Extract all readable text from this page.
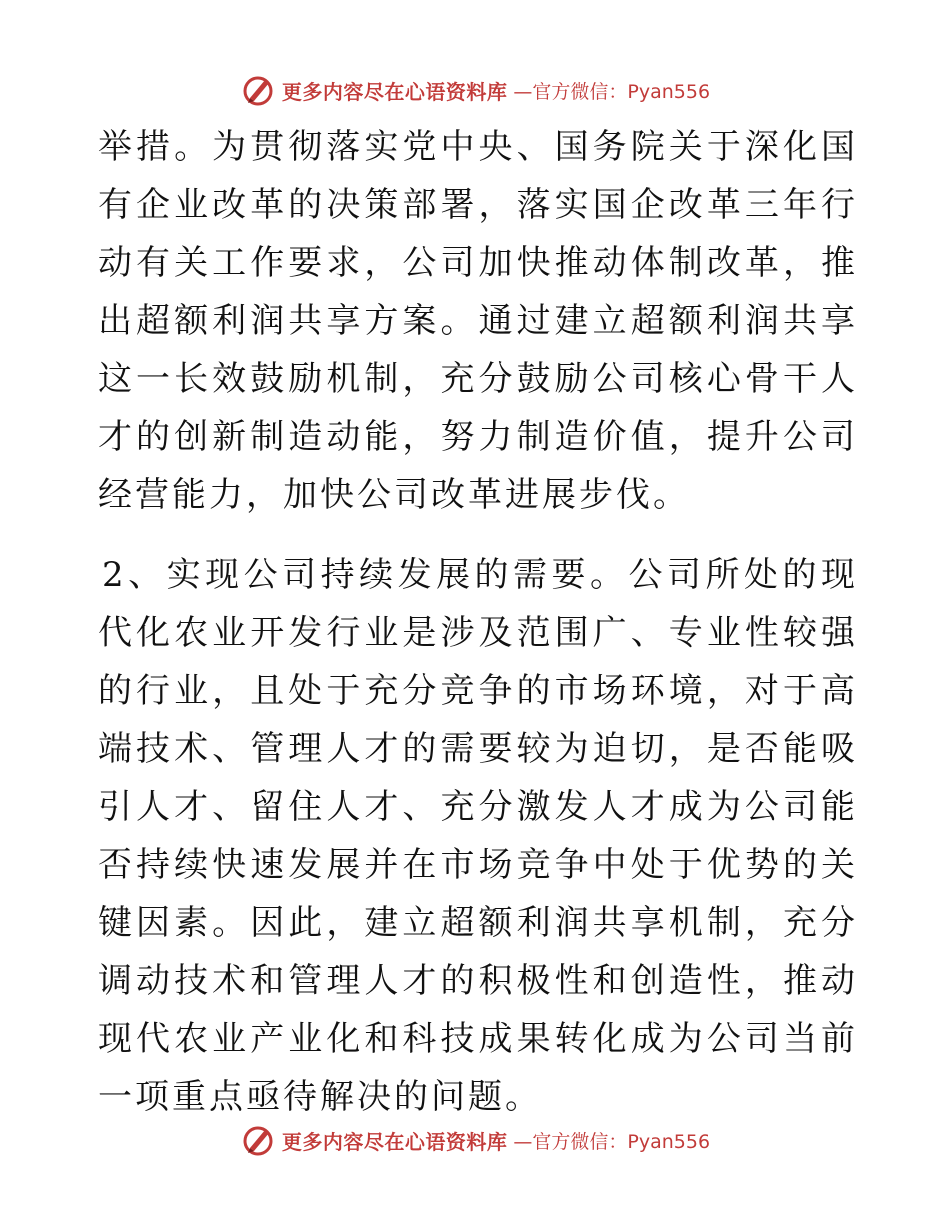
更多内容尽在心语资料库 —官方微信：Pyan556

举措。为贯彻落实党中央、国务院关于深化国有企业改革的决策部署，落实国企改革三年行动有关工作要求，公司加快推动体制改革，推出超额利润共享方案。通过建立超额利润共享这一长效鼓励机制，充分鼓励公司核心骨干人才的创新制造动能，努力制造价值，提升公司经营能力，加快公司改革进展步伐。

2、实现公司持续发展的需要。公司所处的现代化农业开发行业是涉及范围广、专业性较强的行业，且处于充分竞争的市场环境，对于高端技术、管理人才的需要较为迫切，是否能吸引人才、留住人才、充分激发人才成为公司能否持续快速发展并在市场竞争中处于优势的关键因素。因此，建立超额利润共享机制，充分调动技术和管理人才的积极性和创造性，推动现代农业产业化和科技成果转化成为公司当前一项重点亟待解决的问题。

更多内容尽在心语资料库 —官方微信：Pyan556
